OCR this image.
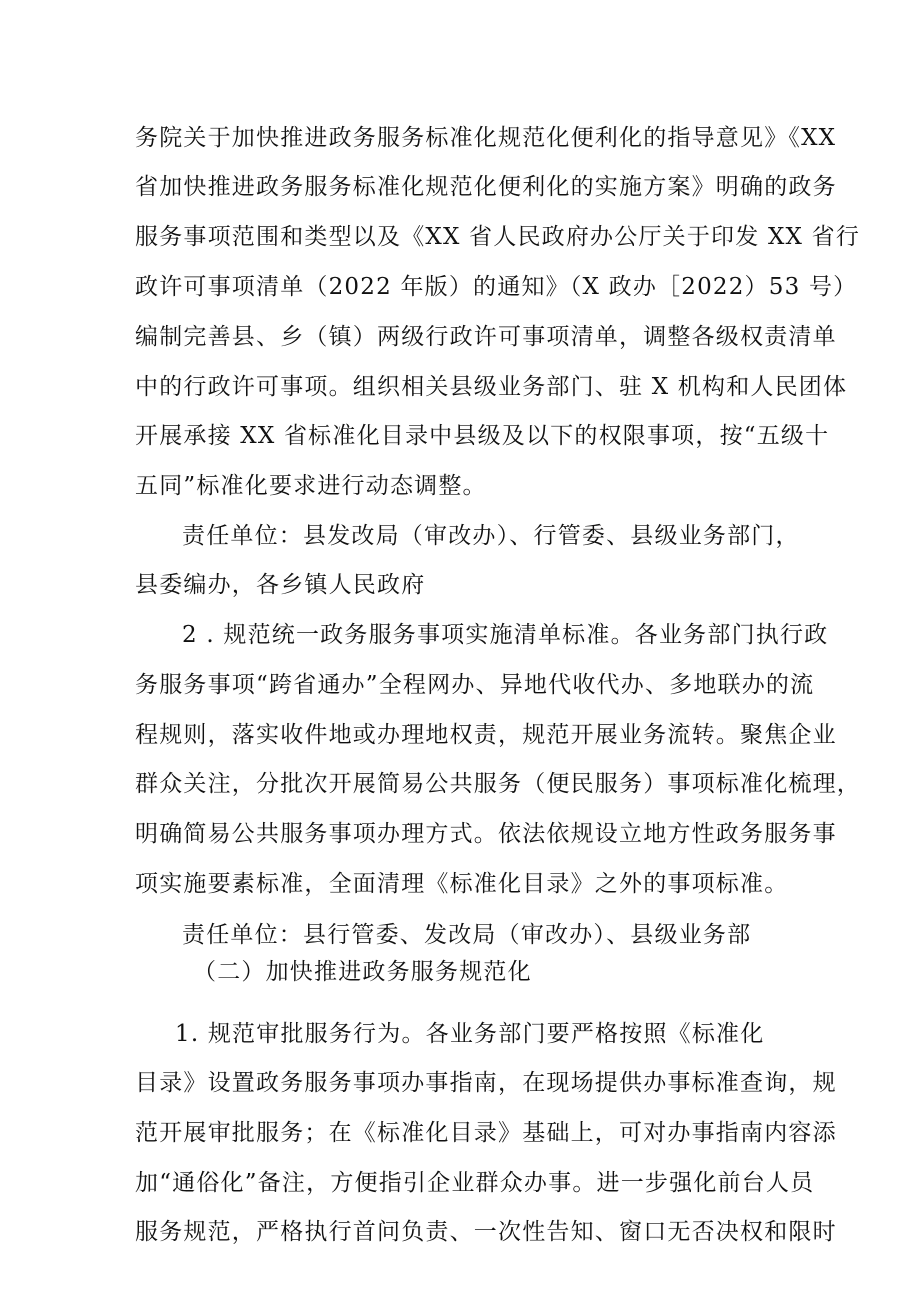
务院关于加快推进政务服务标准化规范化便利化的指导意见》《XX
省加快推进政务服务标准化规范化便利化的实施方案》明确的政务
服务事项范围和类型以及《XX 省人民政府办公厅关于印发 XX 省行
政许可事项清单（2022 年版）的通知》（X 政办［2022）53 号）
编制完善县、乡（镇）两级行政许可事项清单，调整各级权责清单
中的行政许可事项。组织相关县级业务部门、驻 X 机构和人民团体
开展承接 XX 省标准化目录中县级及以下的权限事项，按“五级十
五同”标准化要求进行动态调整。
责任单位：县发改局（审改办）、行管委、县级业务部门，
县委编办，各乡镇人民政府
2 . 规范统一政务服务事项实施清单标准。各业务部门执行政
务服务事项“跨省通办”全程网办、异地代收代办、多地联办的流
程规则，落实收件地或办理地权责，规范开展业务流转。聚焦企业
群众关注，分批次开展简易公共服务（便民服务）事项标准化梳理，
明确简易公共服务事项办理方式。依法依规设立地方性政务服务事
项实施要素标准，全面清理《标准化目录》之外的事项标准。
责任单位：县行管委、发改局（审改办）、县级业务部
（二）加快推进政务服务规范化
1. 规范审批服务行为。各业务部门要严格按照《标准化
目录》设置政务服务事项办事指南，在现场提供办事标准查询，规
范开展审批服务；在《标准化目录》基础上，可对办事指南内容添
加“通俗化”备注，方便指引企业群众办事。进一步强化前台人员
服务规范，严格执行首问负责、一次性告知、窗口无否决权和限时
